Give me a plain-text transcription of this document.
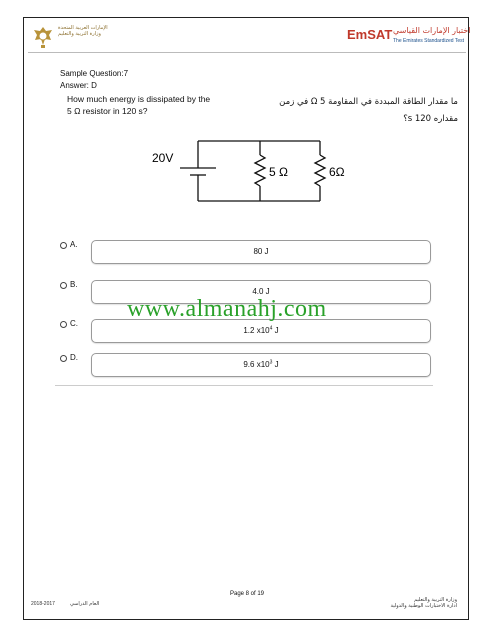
الإمارات العربية المتحدة
وزارة التربية والتعليم	EmSAT اختبار الإمارات القياسي
The Emirates Standardized Test
Sample Question:7
Answer: D
How much energy is dissipated by the
5 Ω resistor in 120 s?
ما مقدار الطاقة المبددة في المقاومة Ω 5 في زمن
مقداره s 120؟
20V
5 Ω	6Ω
A.
80 J
B.
4.0 J
C.
1.2 $x10^4$ J
D.
9.6 $x10^3$ J
www.almanahj.com
Page 8 of 19
2018-2017	العام الدراسي
وزارة التربية والتعليم
ادارة الاختبارات الوطنية والدولية
